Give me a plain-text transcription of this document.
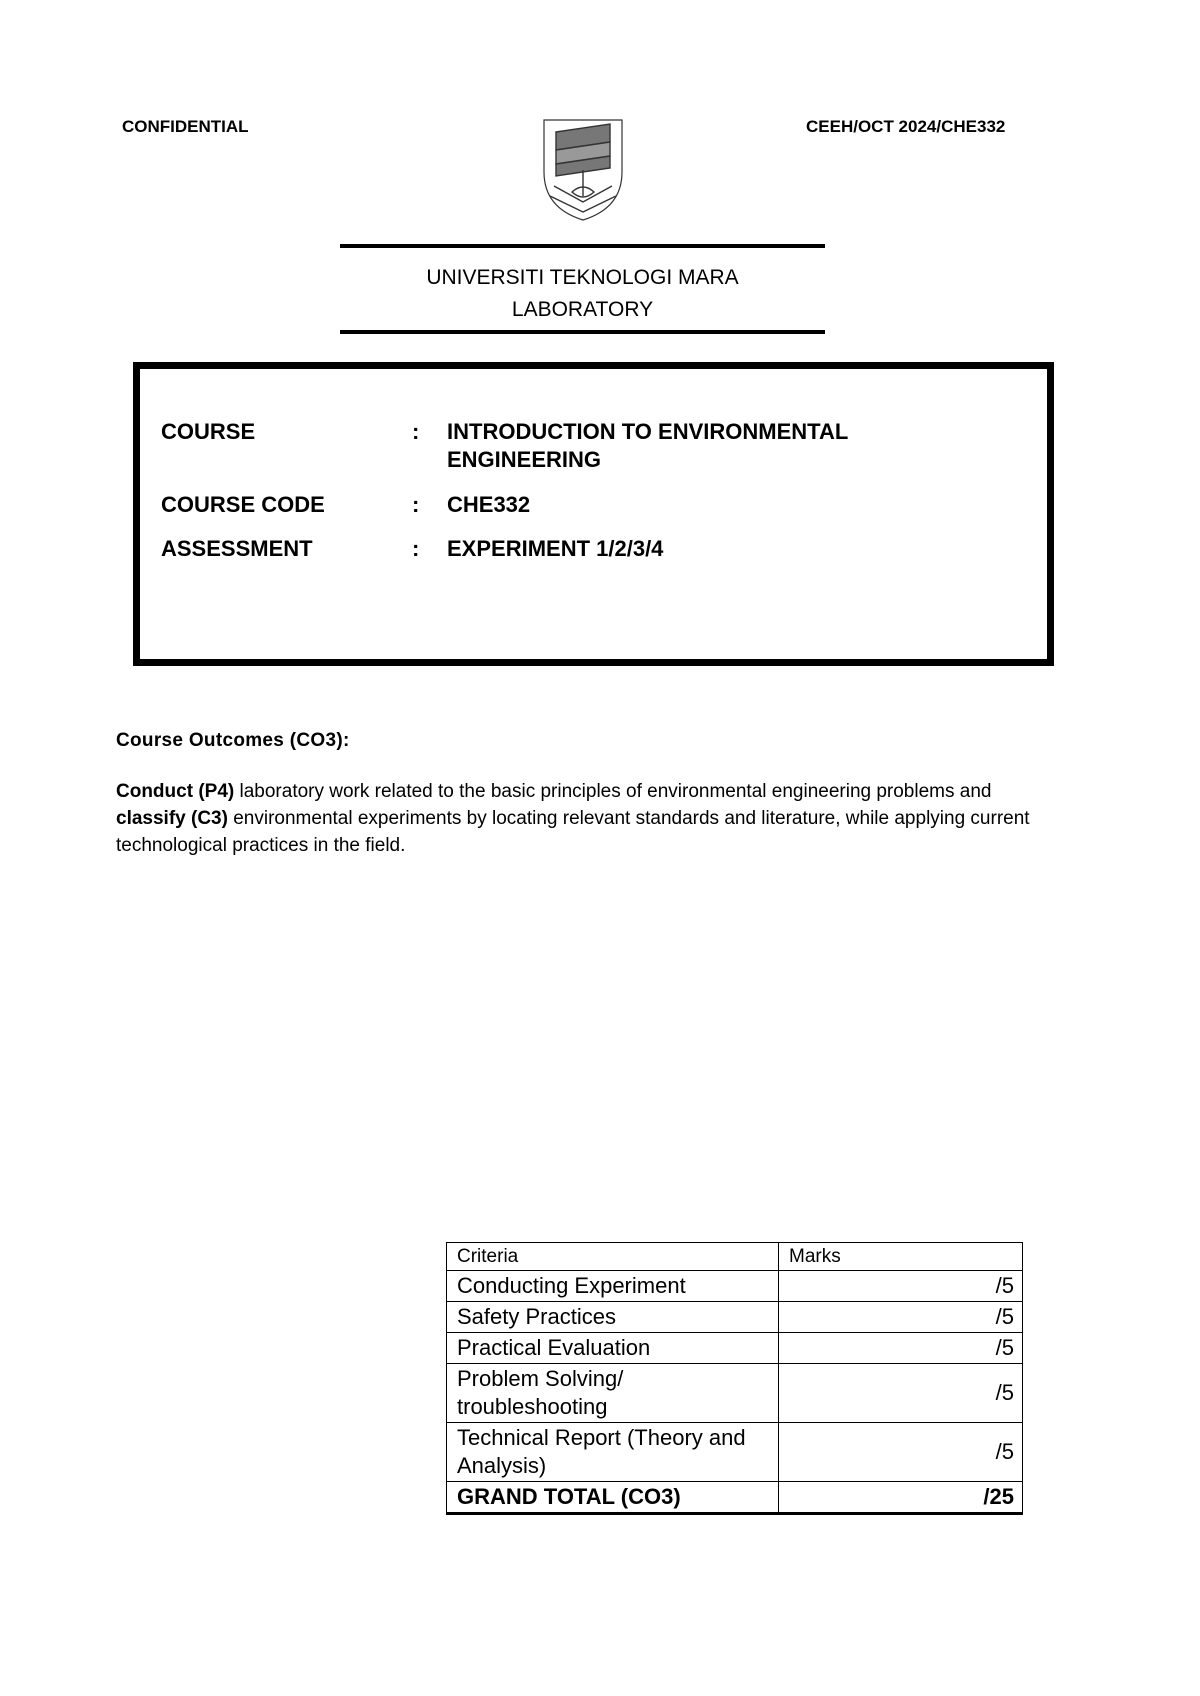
CONFIDENTIAL	CEEH/OCT 2024/CHE332
UNIVERSITI TEKNOLOGI MARA
LABORATORY
COURSE	: INTRODUCTION TO ENVIRONMENTAL ENGINEERING
COURSE CODE	: CHE332
ASSESSMENT	: EXPERIMENT 1/2/3/4
Course Outcomes (CO3):
Conduct (P4) laboratory work related to the basic principles of environmental engineering problems and classify (C3) environmental experiments by locating relevant standards and literature, while applying current technological practices in the field.
Criteria	Marks
Conducting Experiment	/5
Safety Practices	/5
Practical Evaluation	/5
Problem Solving/ troubleshooting	/5
Technical Report (Theory and Analysis)	/5
GRAND TOTAL (CO3)	/25
